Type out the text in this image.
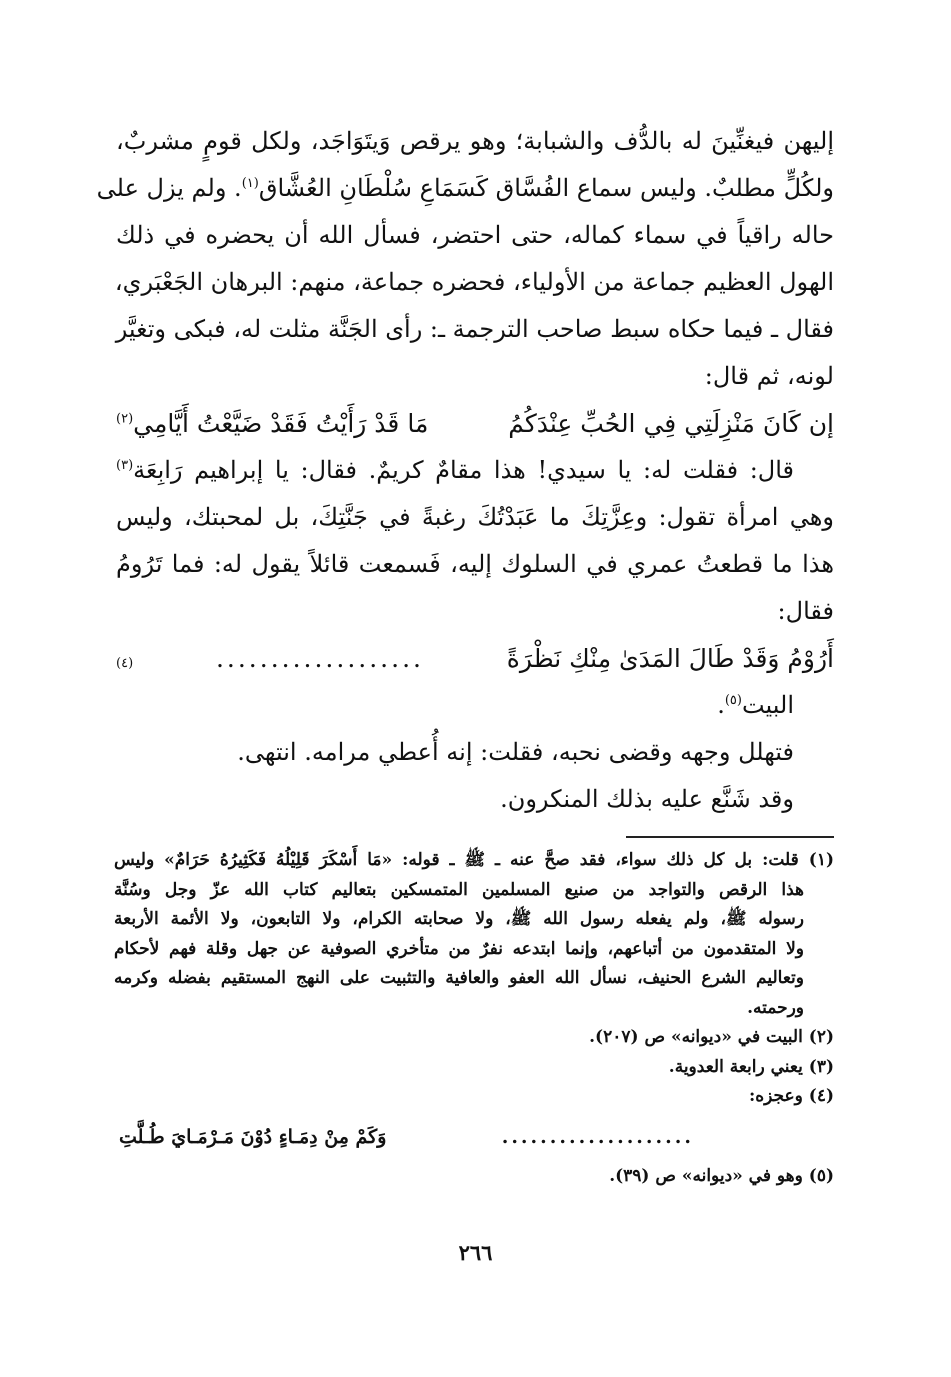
إليهن فيغنِّينَ له بالدُّف والشبابة؛ وهو يرقص وَيتَوَاجَد، ولكل قومٍ مشربٌ،
ولكُلٍّ مطلبٌ. وليس سماع الفُسَّاق كَسَمَاعِ سُلْطَانِ العُشَّاق$^{(١)}$. ولم يزل على
حاله راقياً في سماء كماله، حتى احتضر، فسأل الله أن يحضره في ذلك
الهول العظيم جماعة من الأولياء، فحضره جماعة، منهم: البرهان الجَعْبَري،
فقال ـ فيما حكاه سبط صاحب الترجمة ـ: رأى الجَنَّة مثلت له، فبكى وتغيَّر
لونه، ثم قال:
إن كَانَ مَنْزِلَتِي فِي الحُبِّ عِنْدَكُمُ
مَا قَدْ رَأَيْتُ فَقَدْ ضَيَّعْتُ أَيَّامِي$^{(٢)}$
قال: فقلت له: يا سيدي! هذا مقامٌ كريمٌ. فقال: يا إبراهيم رَابِعَة$^{(٣)}$
وهي امرأة تقول: وعِزَّتِكَ ما عَبَدْتُكَ رغبةً في جَنَّتِكَ، بل لمحبتك، وليس
هذا ما قطعتُ عمري في السلوك إليه، فَسمعت قائلاً يقول له: فما تَرُومُ
فقال:
أَرُوْمُ وَقَدْ طَالَ المَدَىٰ مِنْكِ نَظْرَةً
...................
(٤)
البيت$^{(٥)}$.
فتهلل وجهه وقضى نحبه، فقلت: إنه أُعطي مرامه. انتهى.
وقد شَنَّع عليه بذلك المنكرون.
(١) قلت: بل كل ذلك سواء، فقد صحَّ عنه ـ ﷺ ـ قوله: «مَا أَسْكَرَ قَلِيْلُهُ فَكَثِيرُهُ حَرَامٌ» وليس
هذا الرقص والتواجد من صنيع المسلمين المتمسكين بتعاليم كتاب الله عزّ وجل وسُنَّة
رسوله ﷺ، ولم يفعله رسول الله ﷺ، ولا صحابته الكرام، ولا التابعون، ولا الأئمة الأربعة
ولا المتقدمون من أتباعهم، وإنما ابتدعه نفرٌ من متأخري الصوفية عن جهل وقلة فهم لأحكام
وتعاليم الشرع الحنيف، نسأل الله العفو والعافية والتثبيت على النهج المستقيم بفضله وكرمه
ورحمته.
(٢) البيت في «ديوانه» ص (٢٠٧).
(٣) يعني رابعة العدوية.
(٤) وعجزه:
....................
وَكَمْ مِنْ دِمَـاءٍ دُوْنَ مَـرْمَـايَ طُـلَّتِ
(٥) وهو في «ديوانه» ص (٣٩).
٢٦٦
